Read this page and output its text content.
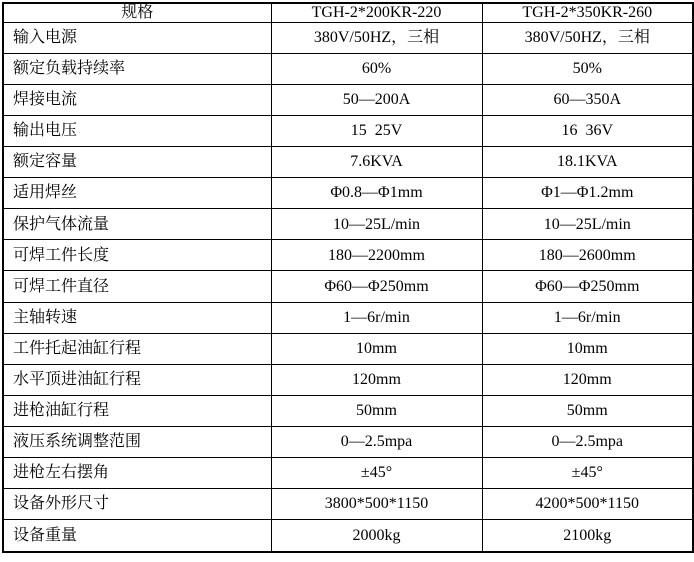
规格	TGH-2*200KR-220	TGH-2*350KR-260
输入电源	380V/50HZ，三相	380V/50HZ，三相
额定负载持续率	60%	50%
焊接电流	50—200A	60—350A
输出电压	15  25V	16  36V
额定容量	7.6KVA	18.1KVA
适用焊丝	Φ0.8—Φ1mm	Φ1—Φ1.2mm
保护气体流量	10—25L/min	10—25L/min
可焊工件长度	180—2200mm	180—2600mm
可焊工件直径	Φ60—Φ250mm	Φ60—Φ250mm
主轴转速	1—6r/min	1—6r/min
工件托起油缸行程	10mm	10mm
水平顶进油缸行程	120mm	120mm
进枪油缸行程	50mm	50mm
液压系统调整范围	0—2.5mpa	0—2.5mpa
进枪左右摆角	±45°	±45°
设备外形尺寸	3800*500*1150	4200*500*1150
设备重量	2000kg	2100kg
